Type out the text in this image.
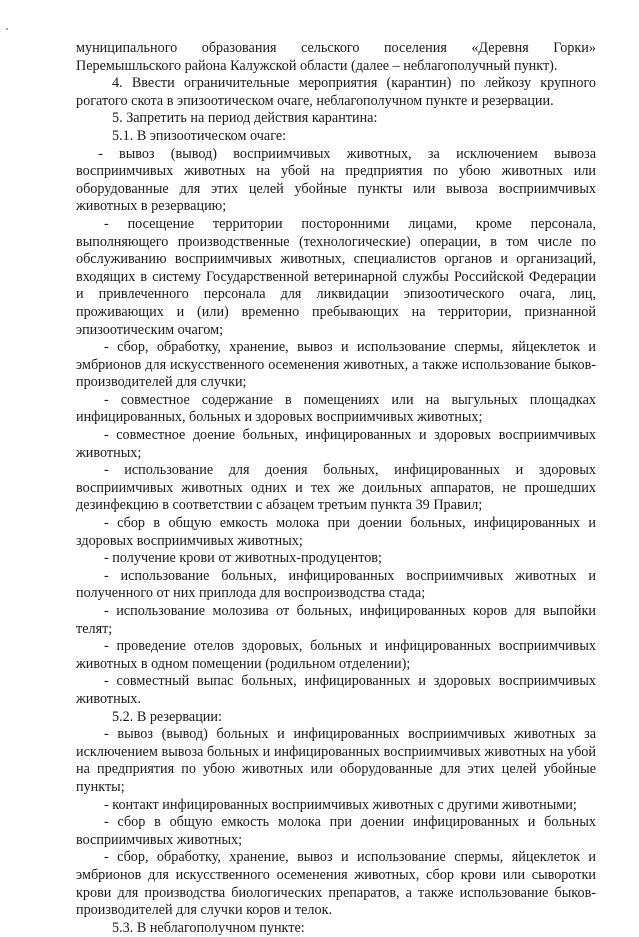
муниципального образования сельского поселения «Деревня Горки» Перемышльского района Калужской области (далее – неблагополучный пункт).

4. Ввести ограничительные мероприятия (карантин) по лейкозу крупного рогатого скота в эпизоотическом очаге, неблагополучном пункте и резервации.

5. Запретить на период действия карантина:

5.1. В эпизоотическом очаге:

- вывоз (вывод) восприимчивых животных, за исключением вывоза восприимчивых животных на убой на предприятия по убою животных или оборудованные для этих целей убойные пункты или вывоза восприимчивых животных в резервацию;

- посещение территории посторонними лицами, кроме персонала, выполняющего производственные (технологические) операции, в том числе по обслуживанию восприимчивых животных, специалистов органов и организаций, входящих в систему Государственной ветеринарной службы Российской Федерации и привлеченного персонала для ликвидации эпизоотического очага, лиц, проживающих и (или) временно пребывающих на территории, признанной эпизоотическим очагом;

- сбор, обработку, хранение, вывоз и использование спермы, яйцеклеток и эмбрионов для искусственного осеменения животных, а также использование быков-производителей для случки;

- совместное содержание в помещениях или на выгульных площадках инфицированных, больных и здоровых восприимчивых животных;

- совместное доение больных, инфицированных и здоровых восприимчивых животных;

- использование для доения больных, инфицированных и здоровых восприимчивых животных одних и тех же доильных аппаратов, не прошедших дезинфекцию в соответствии с абзацем третьим пункта 39 Правил;

- сбор в общую емкость молока при доении больных, инфицированных и здоровых восприимчивых животных;

- получение крови от животных-продуцентов;

- использование больных, инфицированных восприимчивых животных и полученного от них приплода для воспроизводства стада;

- использование молозива от больных, инфицированных коров для выпойки телят;

- проведение отелов здоровых, больных и инфицированных восприимчивых животных в одном помещении (родильном отделении);

- совместный выпас больных, инфицированных и здоровых восприимчивых животных.

5.2. В резервации:

- вывоз (вывод) больных и инфицированных восприимчивых животных за исключением вывоза больных и инфицированных восприимчивых животных на убой на предприятия по убою животных или оборудованные для этих целей убойные пункты;

- контакт инфицированных восприимчивых животных с другими животными;

- сбор в общую емкость молока при доении инфицированных и больных восприимчивых животных;

- сбор, обработку, хранение, вывоз и использование спермы, яйцеклеток и эмбрионов для искусственного осеменения животных, сбор крови или сыворотки крови для производства биологических препаратов, а также использование быков-производителей для случки коров и телок.

5.3. В неблагополучном пункте:
